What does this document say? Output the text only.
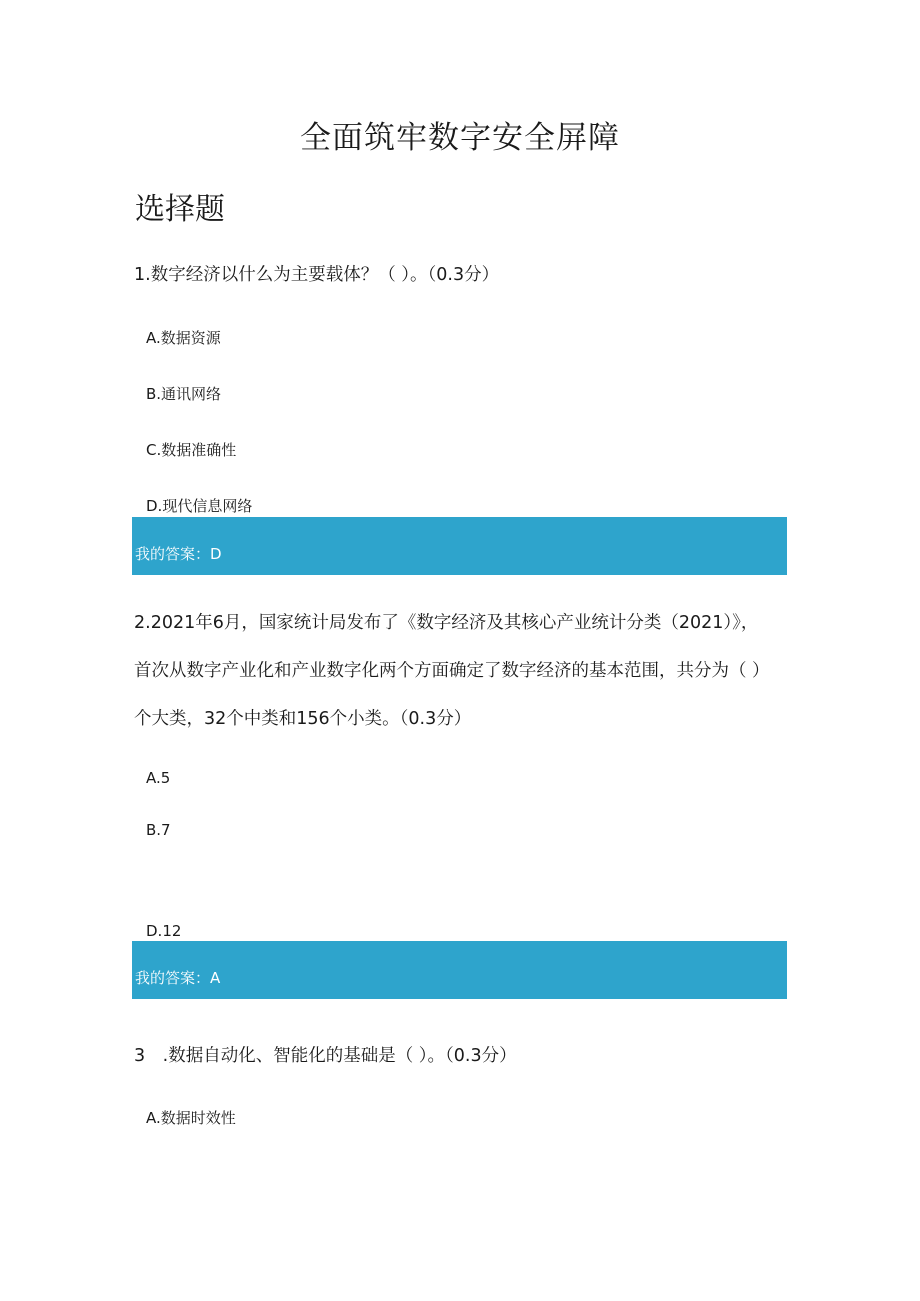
全面筑牢数字安全屏障
选择题
1.数字经济以什么为主要载体？（ ）。（0.3分）
A.数据资源
B.通讯网络
C.数据准确性
D.现代信息网络
我的答案：D
2.2021年6月，国家统计局发布了《数字经济及其核心产业统计分类（2021）》，
首次从数字产业化和产业数字化两个方面确定了数字经济的基本范围，共分为（ ）
个大类，32个中类和156个小类。（0.3分）
A.5
B.7
D.12
我的答案：A
3　.数据自动化、智能化的基础是（ ）。（0.3分）
A.数据时效性
